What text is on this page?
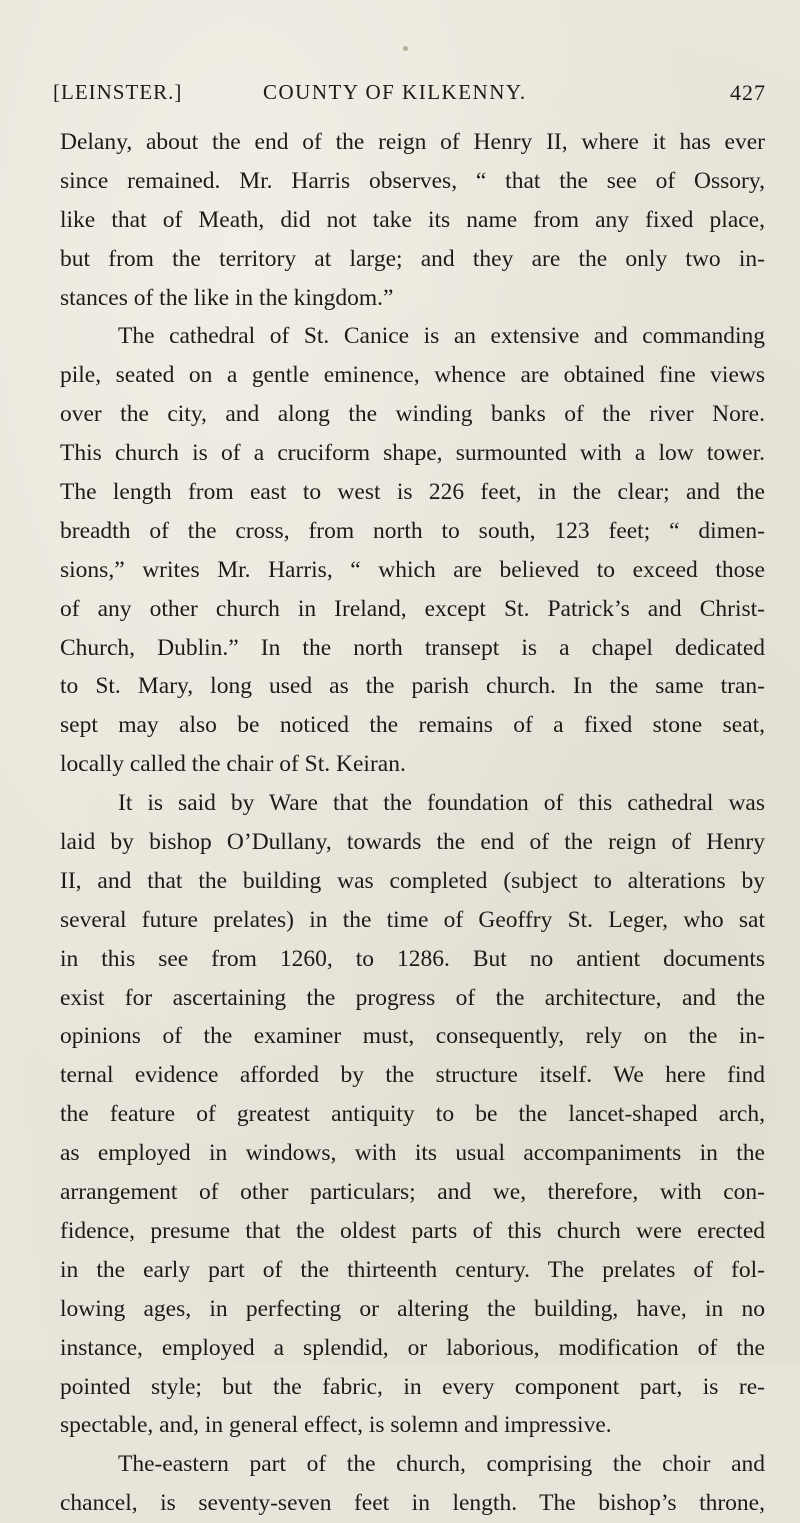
[LEINSTER.]	COUNTY OF KILKENNY.	427
Delany, about the end of the reign of Henry II, where it has ever
since remained. Mr. Harris observes, “ that the see of Ossory,
like that of Meath, did not take its name from any fixed place,
but from the territory at large; and they are the only two in-
stances of the like in the kingdom.”
The cathedral of St. Canice is an extensive and commanding
pile, seated on a gentle eminence, whence are obtained fine views
over the city, and along the winding banks of the river Nore.
This church is of a cruciform shape, surmounted with a low tower.
The length from east to west is 226 feet, in the clear; and the
breadth of the cross, from north to south, 123 feet; “ dimen-
sions,” writes Mr. Harris, “ which are believed to exceed those
of any other church in Ireland, except St. Patrick’s and Christ-
Church, Dublin.” In the north transept is a chapel dedicated
to St. Mary, long used as the parish church. In the same tran-
sept may also be noticed the remains of a fixed stone seat,
locally called the chair of St. Keiran.
It is said by Ware that the foundation of this cathedral was
laid by bishop O’Dullany, towards the end of the reign of Henry
II, and that the building was completed (subject to alterations by
several future prelates) in the time of Geoffry St. Leger, who sat
in this see from 1260, to 1286. But no antient documents
exist for ascertaining the progress of the architecture, and the
opinions of the examiner must, consequently, rely on the in-
ternal evidence afforded by the structure itself. We here find
the feature of greatest antiquity to be the lancet-shaped arch,
as employed in windows, with its usual accompaniments in the
arrangement of other particulars; and we, therefore, with con-
fidence, presume that the oldest parts of this church were erected
in the early part of the thirteenth century. The prelates of fol-
lowing ages, in perfecting or altering the building, have, in no
instance, employed a splendid, or laborious, modification of the
pointed style; but the fabric, in every component part, is re-
spectable, and, in general effect, is solemn and impressive.
The-eastern part of the church, comprising the choir and
chancel, is seventy-seven feet in length. The bishop’s throne,
